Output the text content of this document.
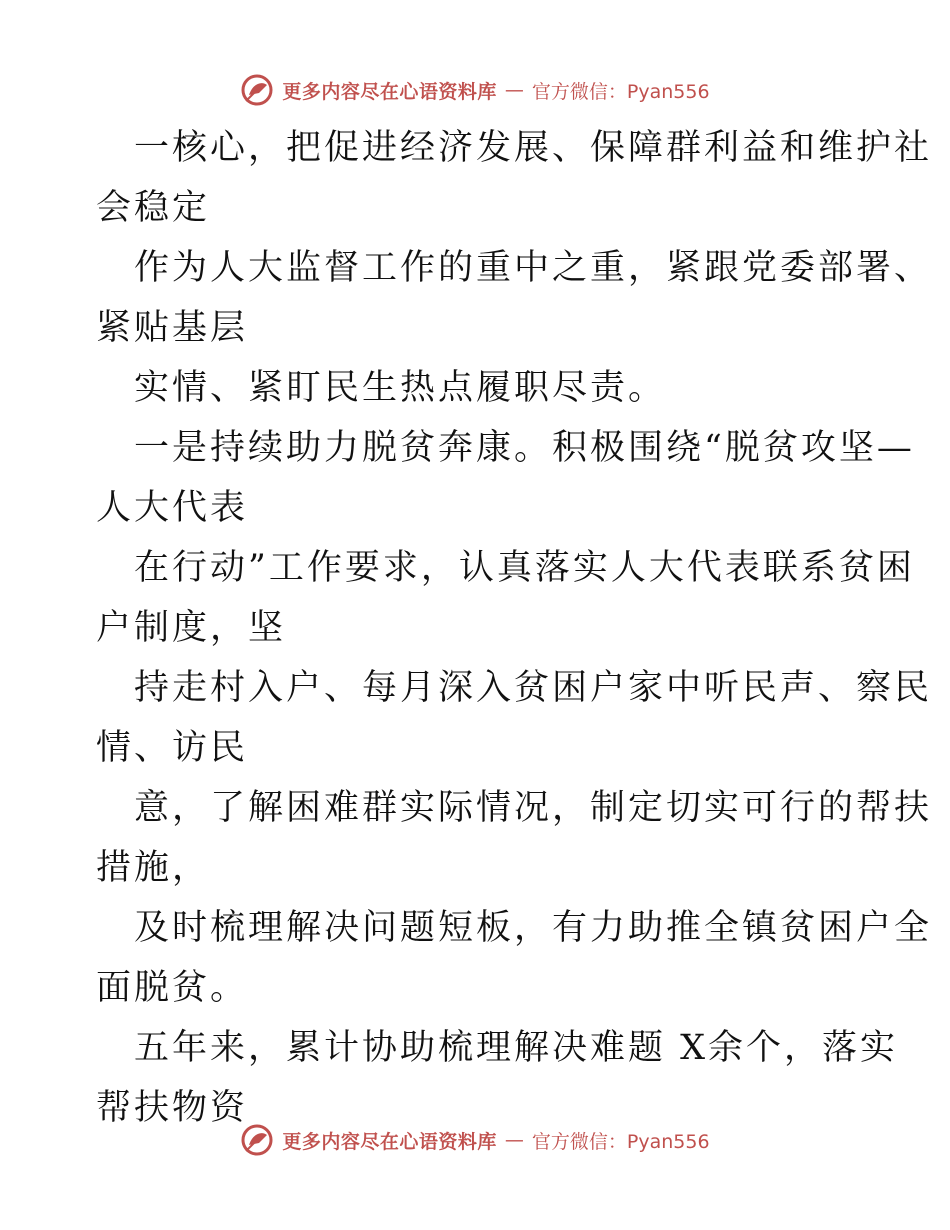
更多内容尽在心语资料库 — 官方微信：Pyan556
一核心，把促进经济发展、保障群利益和维护社
会稳定
作为人大监督工作的重中之重，紧跟党委部署、
紧贴基层
实情、紧盯民生热点履职尽责。
一是持续助力脱贫奔康。积极围绕“脱贫攻坚—
人大代表
在行动”工作要求，认真落实人大代表联系贫困
户制度，坚
持走村入户、每月深入贫困户家中听民声、察民
情、访民
意，了解困难群实际情况，制定切实可行的帮扶
措施，
及时梳理解决问题短板，有力助推全镇贫困户全
面脱贫。
五年来，累计协助梳理解决难题 X余个，落实
帮扶物资
更多内容尽在心语资料库 — 官方微信：Pyan556
